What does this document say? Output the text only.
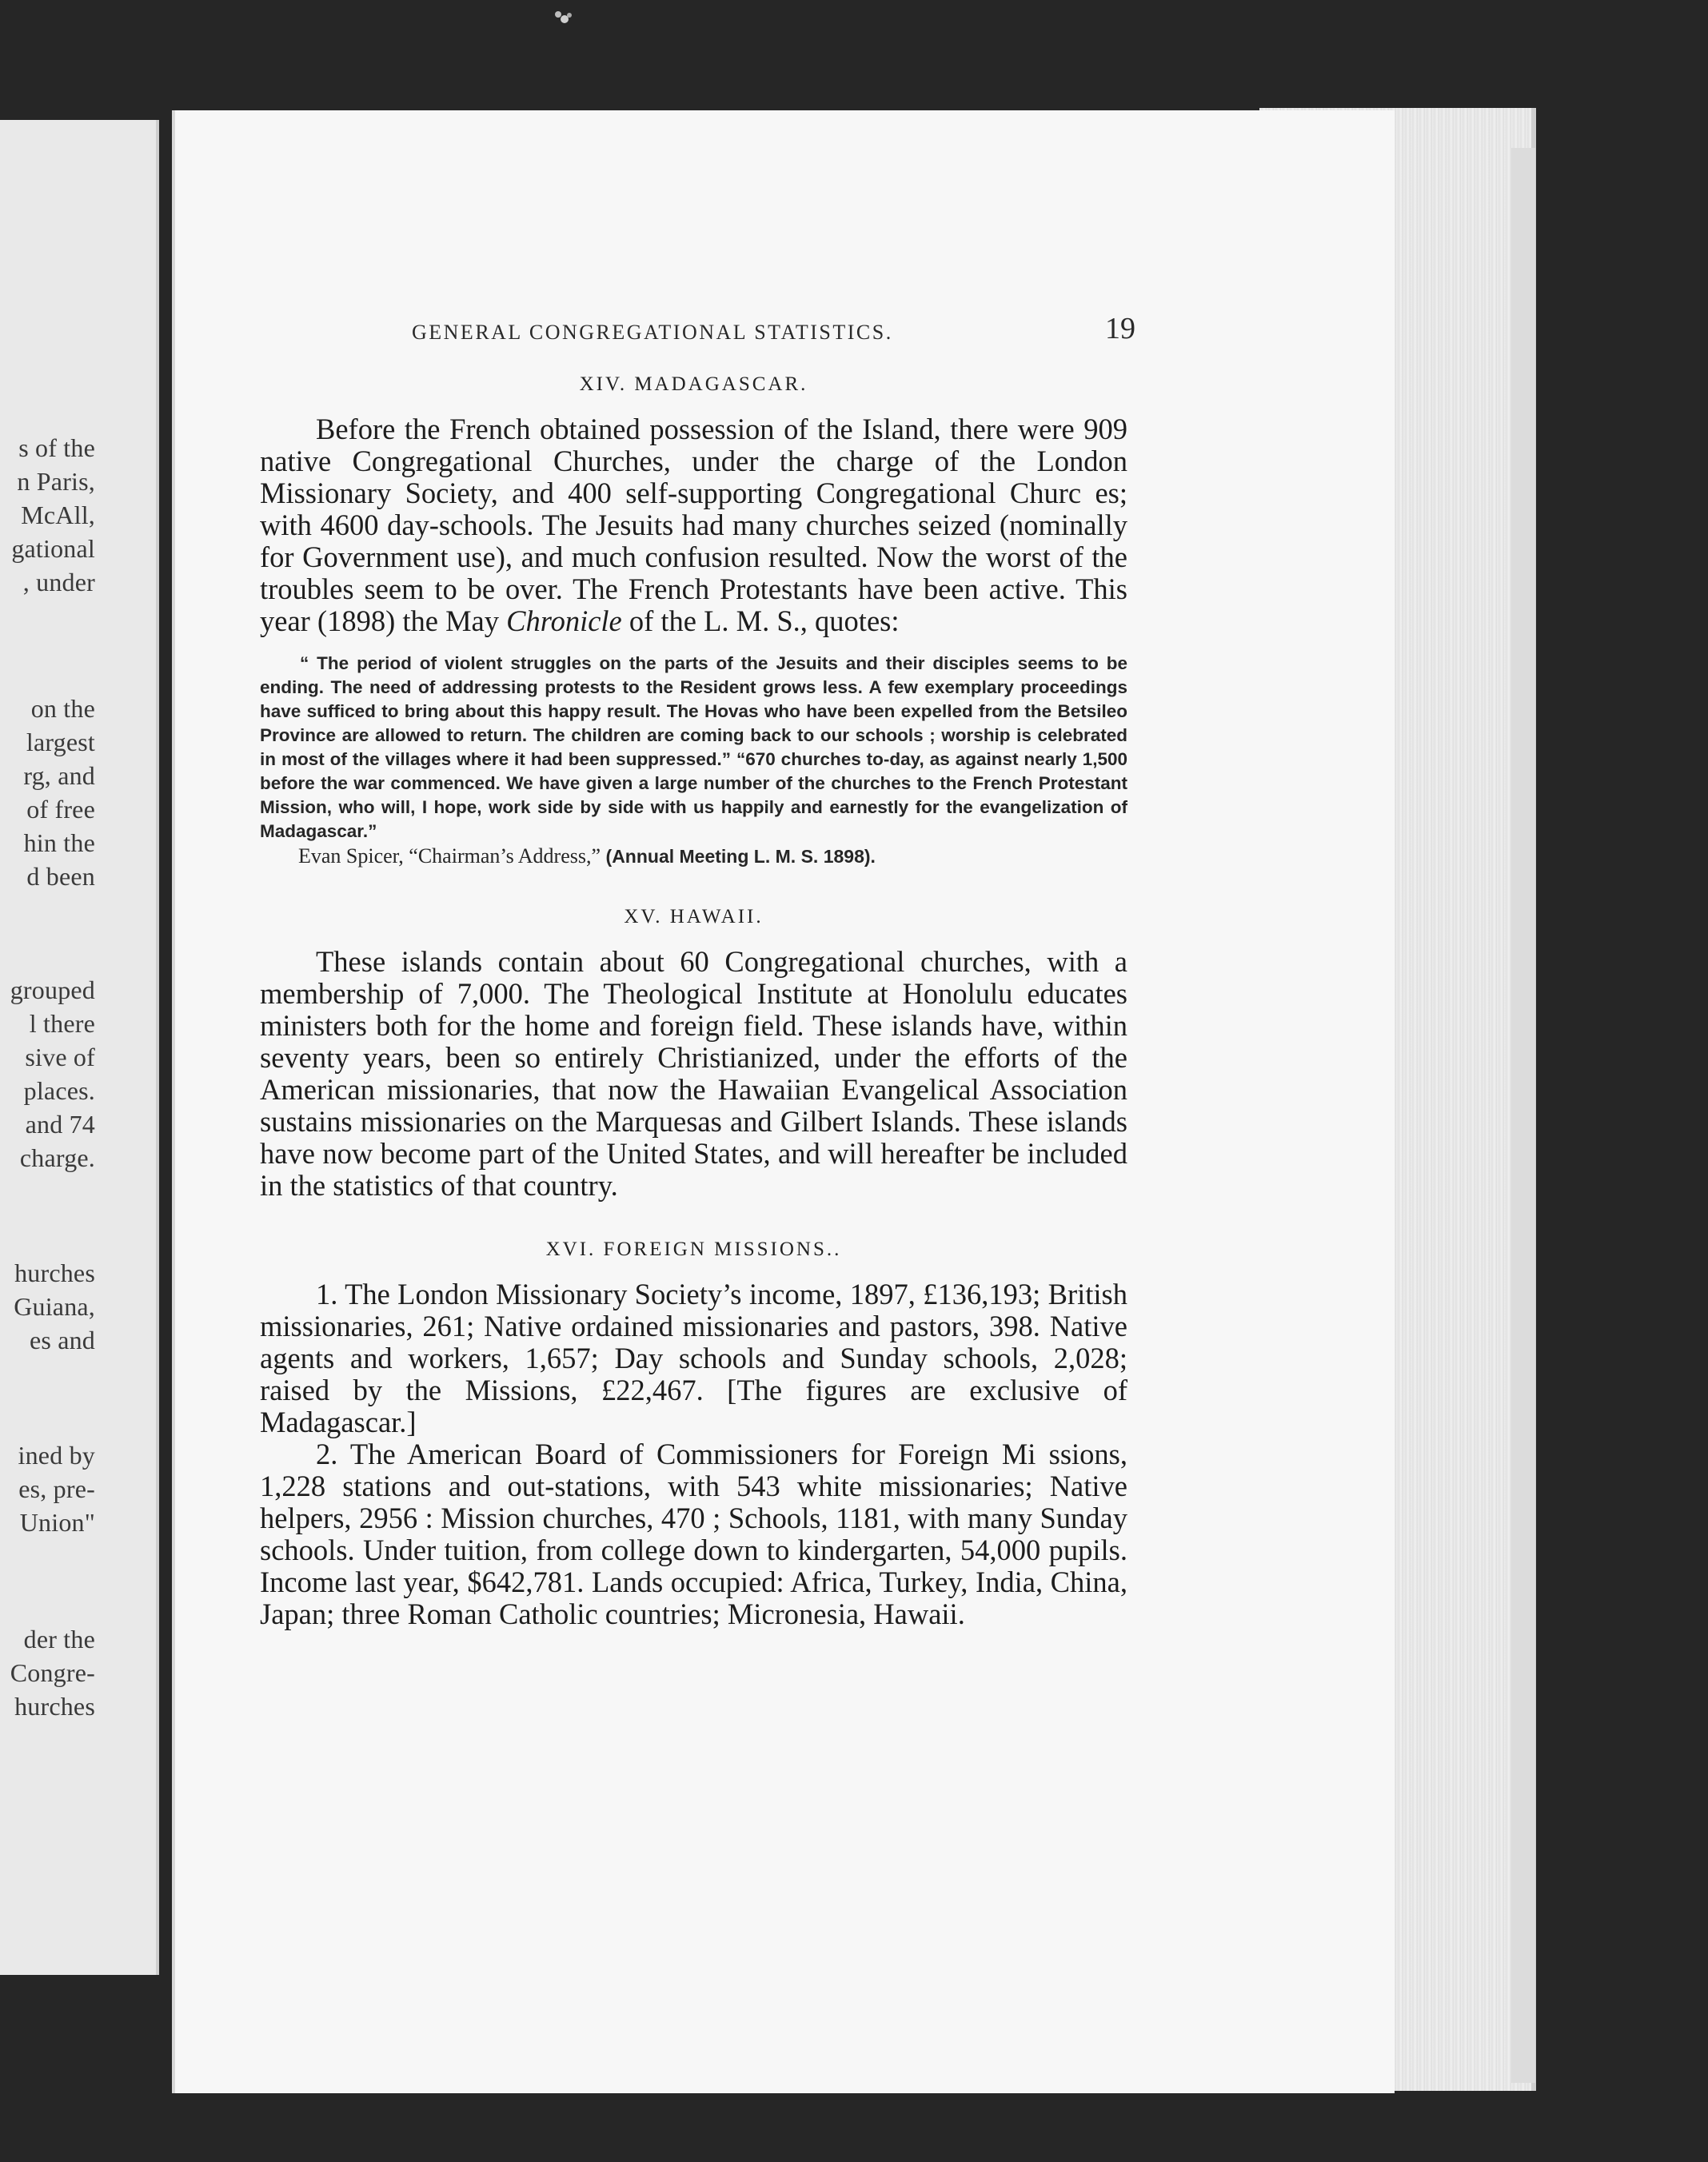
s of the
n Paris,
McAll,
gational
, under
on the
largest
rg, and
of free
hin the
d been
grouped
l there
sive of
places.
and 74
charge.
hurches
Guiana,
es and
ined by
es, pre-
Union"
der the
Congre-
hurches
GENERAL CONGREGATIONAL STATISTICS.	19
XIV. MADAGASCAR.

Before the French obtained possession of the Island, there were 909 native Congregational Churches, under the charge of the London Missionary Society, and 400 self-supporting Congregational Churc es; with 4600 day-schools. The Jesuits had many churches seized (nominally for Government use), and much confusion resulted. Now the worst of the troubles seem to be over. The French Protestants have been active. This year (1898) the May Chronicle of the L. M. S., quotes:

“ The period of violent struggles on the parts of the Jesuits and their disciples seems to be ending. The need of addressing protests to the Resident grows less. A few exemplary proceedings have sufficed to bring about this happy result. The Hovas who have been expelled from the Betsileo Province are allowed to return. The children are coming back to our schools ; worship is celebrated in most of the villages where it had been suppressed.” “670 churches to-day, as against nearly 1,500 before the war commenced. We have given a large number of the churches to the French Protestant Mission, who will, I hope, work side by side with us happily and earnestly for the evangelization of Madagascar.”

Evan Spicer, “Chairman’s Address,” (Annual Meeting L. M. S. 1898).

XV. HAWAII.

These islands contain about 60 Congregational churches, with a membership of 7,000. The Theological Institute at Honolulu educates ministers both for the home and foreign field. These islands have, within seventy years, been so entirely Christianized, under the efforts of the American missionaries, that now the Hawaiian Evangelical Association sustains missionaries on the Marquesas and Gilbert Islands. These islands have now become part of the United States, and will hereafter be included in the statistics of that country.

XVI. FOREIGN MISSIONS..

1. The London Missionary Society’s income, 1897, £136,193; British missionaries, 261; Native ordained missionaries and pastors, 398. Native agents and workers, 1,657; Day schools and Sunday schools, 2,028; raised by the Missions, £22,467. [The figures are exclusive of Madagascar.]

2. The American Board of Commissioners for Foreign Mi ssions, 1,228 stations and out-stations, with 543 white missionaries; Native helpers, 2956 : Mission churches, 470 ; Schools, 1181, with many Sunday schools. Under tuition, from college down to kindergarten, 54,000 pupils. Income last year, $642,781. Lands occupied: Africa, Turkey, India, China, Japan; three Roman Catholic countries; Micronesia, Hawaii.
